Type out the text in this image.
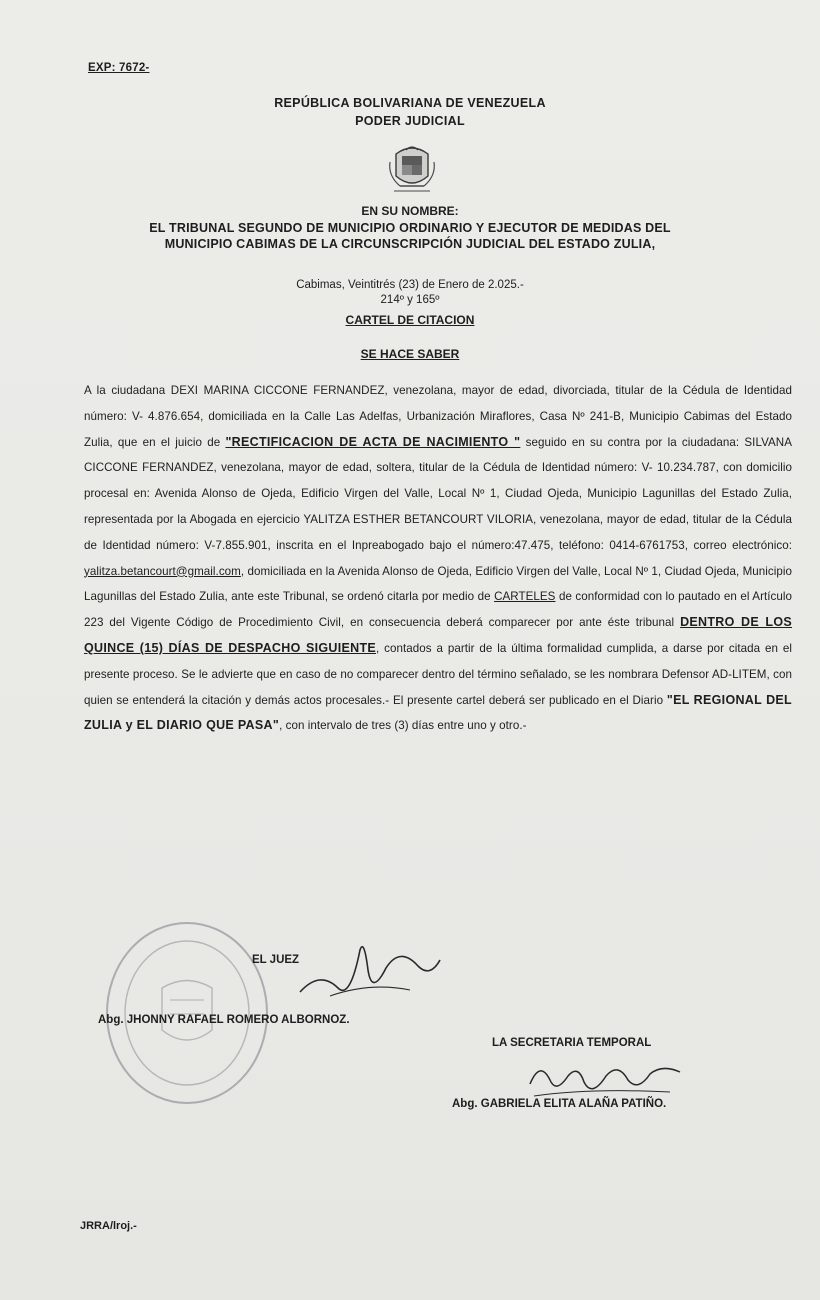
EXP: 7672-
REPÚBLICA BOLIVARIANA DE VENEZUELA
PODER JUDICIAL
EN SU NOMBRE:
EL TRIBUNAL SEGUNDO DE MUNICIPIO ORDINARIO Y EJECUTOR DE MEDIDAS DEL
MUNICIPIO CABIMAS DE LA CIRCUNSCRIPCIÓN JUDICIAL DEL ESTADO ZULIA,
Cabimas, Veintitrés (23) de Enero de 2.025.-
214º y 165º
CARTEL DE CITACION
SE HACE SABER
A la ciudadana DEXI MARINA CICCONE FERNANDEZ, venezolana, mayor de edad, divorciada, titular de la Cédula de Identidad número: V- 4.876.654, domiciliada en la Calle Las Adelfas, Urbanización Miraflores, Casa Nº 241-B, Municipio Cabimas del Estado Zulia, que en el juicio de "RECTIFICACION DE ACTA DE NACIMIENTO " seguido en su contra por la ciudadana: SILVANA CICCONE FERNANDEZ, venezolana, mayor de edad, soltera, titular de la Cédula de Identidad número: V- 10.234.787, con domicilio procesal en: Avenida Alonso de Ojeda, Edificio Virgen del Valle, Local Nº 1, Ciudad Ojeda, Municipio Lagunillas del Estado Zulia, representada por la Abogada en ejercicio YALITZA ESTHER BETANCOURT VILORIA, venezolana, mayor de edad, titular de la Cédula de Identidad número: V-7.855.901, inscrita en el Inpreabogado bajo el número:47.475, teléfono: 0414-6761753, correo electrónico: yalitza.betancourt@gmail.com, domiciliada en la Avenida Alonso de Ojeda, Edificio Virgen del Valle, Local Nº 1, Ciudad Ojeda, Municipio Lagunillas del Estado Zulia, ante este Tribunal, se ordenó citarla por medio de CARTELES de conformidad con lo pautado en el Artículo 223 del Vigente Código de Procedimiento Civil, en consecuencia deberá comparecer por ante éste tribunal DENTRO DE LOS QUINCE (15) DÍAS DE DESPACHO SIGUIENTE, contados a partir de la última formalidad cumplida, a darse por citada en el presente proceso. Se le advierte que en caso de no comparecer dentro del término señalado, se les nombrara Defensor AD-LITEM, con quien se entenderá la citación y demás actos procesales.- El presente cartel deberá ser publicado en el Diario "EL REGIONAL DEL ZULIA y EL DIARIO QUE PASA", con intervalo de tres (3) días entre uno y otro.-
EL JUEZ
Abg. JHONNY RAFAEL ROMERO ALBORNOZ.
LA SECRETARIA TEMPORAL
Abg. GABRIELA ELITA ALAÑA PATIÑO.
JRRA/lroj.-
